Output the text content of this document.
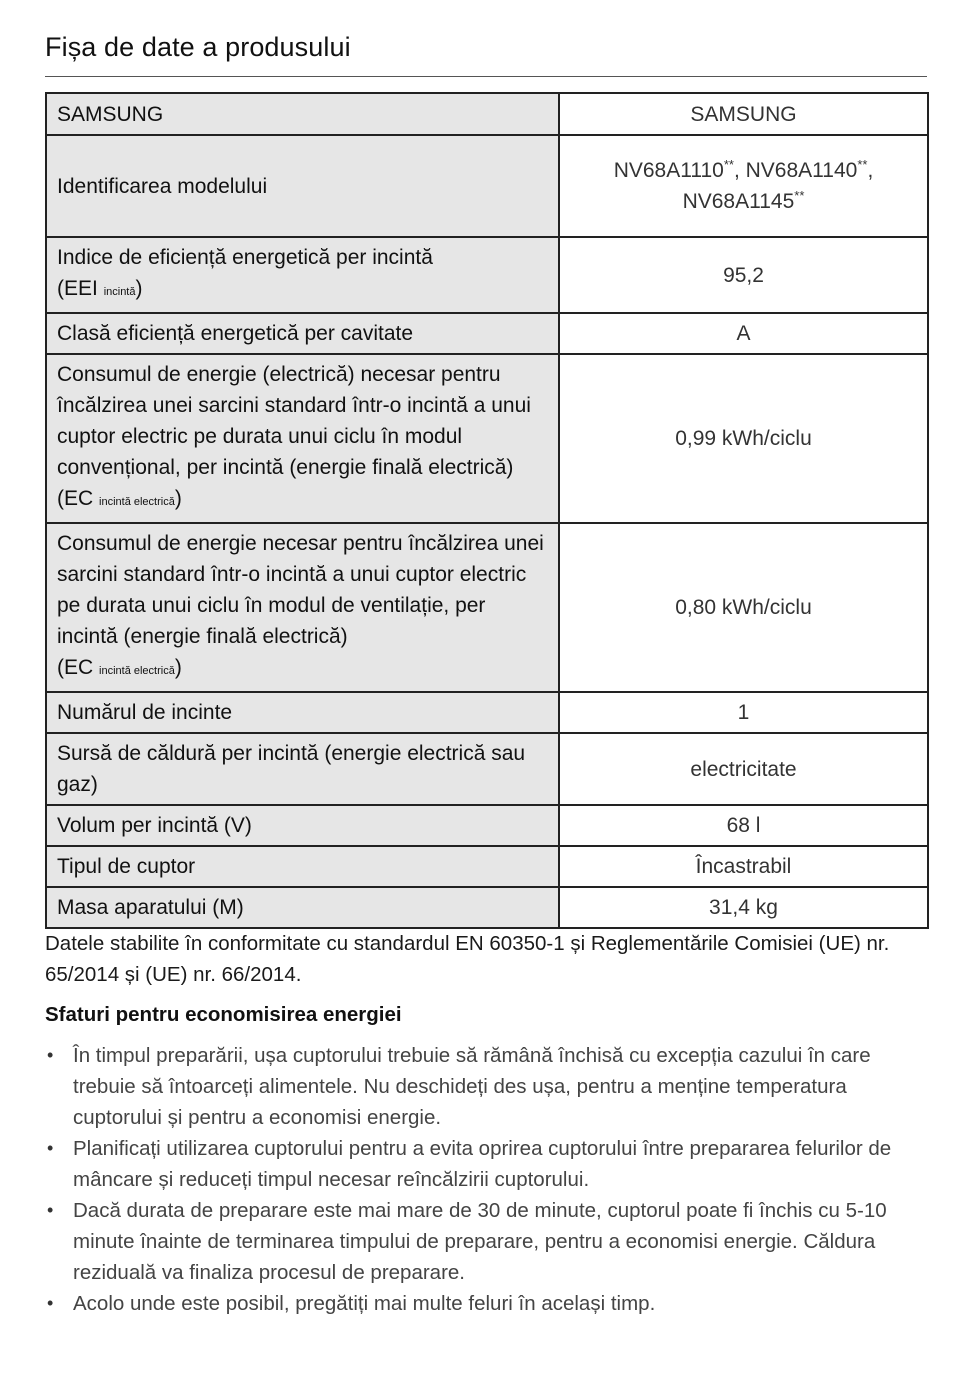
Fișa de date a produsului
SAMSUNG	SAMSUNG
Identificarea modelului	NV68A1110**, NV68A1140**,
NV68A1145**
Indice de eficiență energetică per incintă
(EEI incintă)	95,2
Clasă eficiență energetică per cavitate	A
Consumul de energie (electrică) necesar pentru încălzirea unei sarcini standard într-o incintă a unui cuptor electric pe durata unui ciclu în modul convențional, per incintă (energie finală electrică)
(EC incintă electrică)	0,99 kWh/ciclu
Consumul de energie necesar pentru încălzirea unei sarcini standard într-o incintă a unui cuptor electric pe durata unui ciclu în modul de ventilație, per incintă (energie finală electrică)
(EC incintă electrică)	0,80 kWh/ciclu
Numărul de incinte	1
Sursă de căldură per incintă (energie electrică sau gaz)	electricitate
Volum per incintă (V)	68 l
Tipul de cuptor	Încastrabil
Masa aparatului (M)	31,4 kg
Datele stabilite în conformitate cu standardul EN 60350-1 și Reglementările Comisiei (UE) nr. 65/2014 și (UE) nr. 66/2014.
Sfaturi pentru economisirea energiei
• În timpul preparării, ușa cuptorului trebuie să rămână închisă cu excepția cazului în care trebuie să întoarceți alimentele. Nu deschideți des ușa, pentru a menține temperatura cuptorului și pentru a economisi energie.
• Planificați utilizarea cuptorului pentru a evita oprirea cuptorului între prepararea felurilor de mâncare și reduceți timpul necesar reîncălzirii cuptorului.
• Dacă durata de preparare este mai mare de 30 de minute, cuptorul poate fi închis cu 5-10 minute înainte de terminarea timpului de preparare, pentru a economisi energie. Căldura reziduală va finaliza procesul de preparare.
• Acolo unde este posibil, pregătiți mai multe feluri în același timp.
